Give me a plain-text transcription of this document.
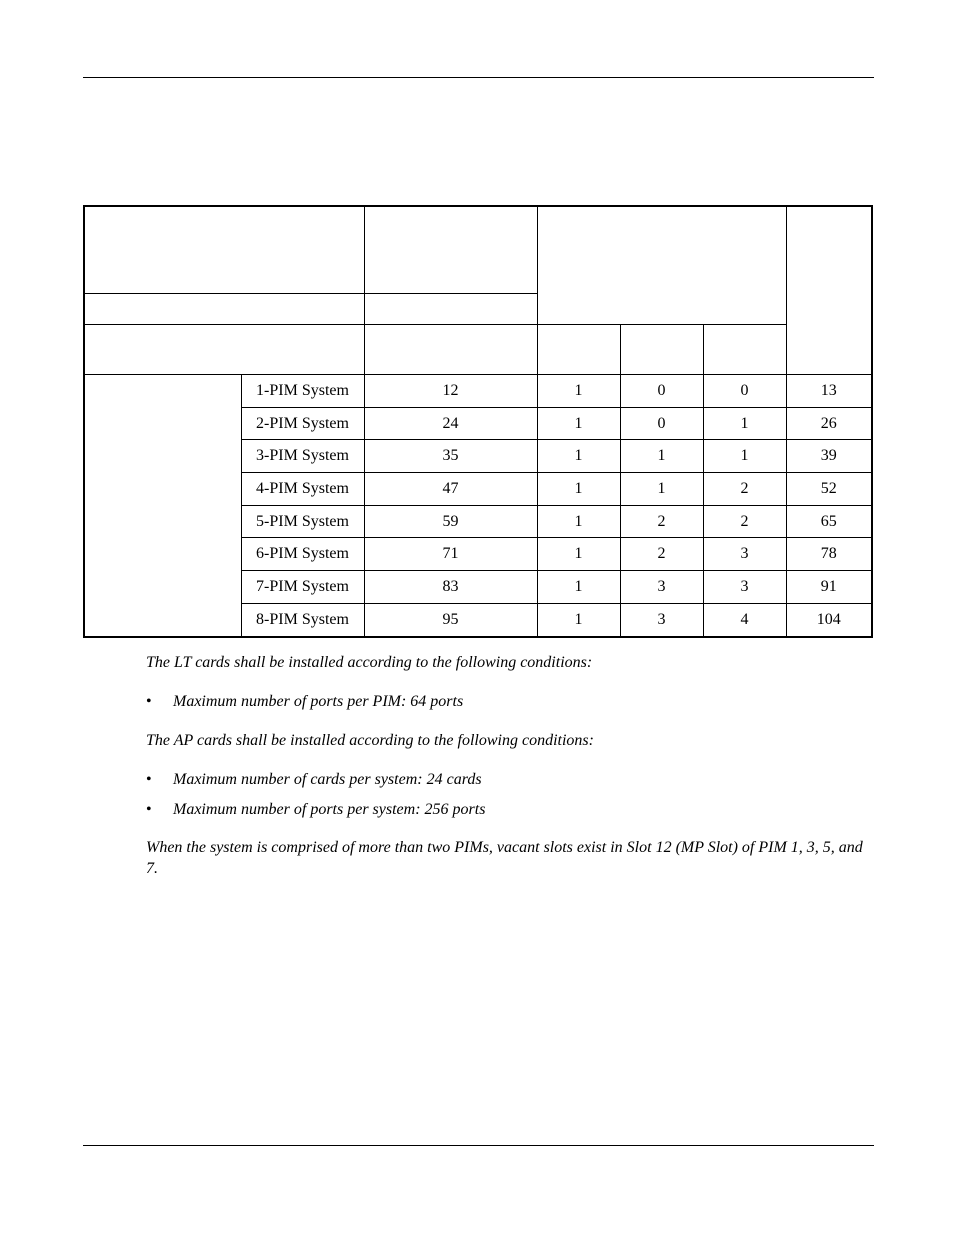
	1-PIM System	12	1	0	0	13
	2-PIM System	24	1	0	1	26
	3-PIM System	35	1	1	1	39
	4-PIM System	47	1	1	2	52
	5-PIM System	59	1	2	2	65
	6-PIM System	71	1	2	3	78
	7-PIM System	83	1	3	3	91
	8-PIM System	95	1	3	4	104

The LT cards shall be installed according to the following conditions:

• Maximum number of ports per PIM: 64 ports

The AP cards shall be installed according to the following conditions:

• Maximum number of cards per system: 24 cards
• Maximum number of ports per system: 256 ports

When the system is comprised of more than two PIMs, vacant slots exist in Slot 12 (MP Slot) of PIM 1, 3, 5, and 7.
